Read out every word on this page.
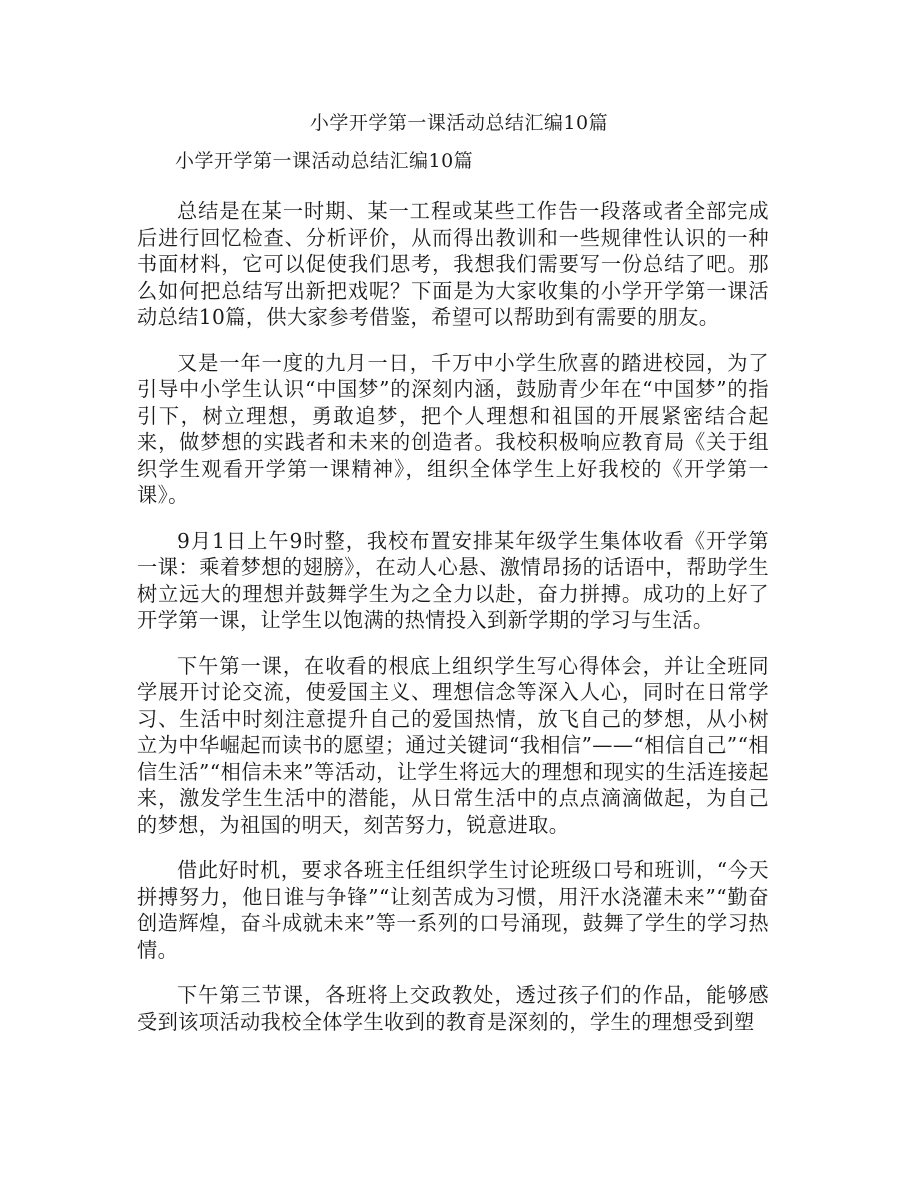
小学开学第一课活动总结汇编10篇

小学开学第一课活动总结汇编10篇

总结是在某一时期、某一工程或某些工作告一段落或者全部完成后进行回忆检查、分析评价，从而得出教训和一些规律性认识的一种书面材料，它可以促使我们思考，我想我们需要写一份总结了吧。那么如何把总结写出新把戏呢？下面是为大家收集的小学开学第一课活动总结10篇，供大家参考借鉴，希望可以帮助到有需要的朋友。

又是一年一度的九月一日，千万中小学生欣喜的踏进校园，为了引导中小学生认识“中国梦”的深刻内涵，鼓励青少年在“中国梦”的指引下，树立理想，勇敢追梦，把个人理想和祖国的开展紧密结合起来，做梦想的实践者和未来的创造者。我校积极响应教育局《关于组织学生观看开学第一课精神》，组织全体学生上好我校的《开学第一课》。

9月1日上午9时整，我校布置安排某年级学生集体收看《开学第一课：乘着梦想的翅膀》，在动人心悬、激情昂扬的话语中，帮助学生树立远大的理想并鼓舞学生为之全力以赴，奋力拼搏。成功的上好了开学第一课，让学生以饱满的热情投入到新学期的学习与生活。

下午第一课，在收看的根底上组织学生写心得体会，并让全班同学展开讨论交流，使爱国主义、理想信念等深入人心，同时在日常学习、生活中时刻注意提升自己的爱国热情，放飞自己的梦想，从小树立为中华崛起而读书的愿望；通过关键词“我相信”——“相信自己”“相信生活”“相信未来”等活动，让学生将远大的理想和现实的生活连接起来，激发学生生活中的潜能，从日常生活中的点点滴滴做起，为自己的梦想，为祖国的明天，刻苦努力，锐意进取。

借此好时机，要求各班主任组织学生讨论班级口号和班训，“今天拼搏努力，他日谁与争锋”“让刻苦成为习惯，用汗水浇灌未来”“勤奋创造辉煌，奋斗成就未来”等一系列的口号涌现，鼓舞了学生的学习热情。

下午第三节课，各班将上交政教处，透过孩子们的作品，能够感受到该项活动我校全体学生收到的教育是深刻的，学生的理想受到塑
